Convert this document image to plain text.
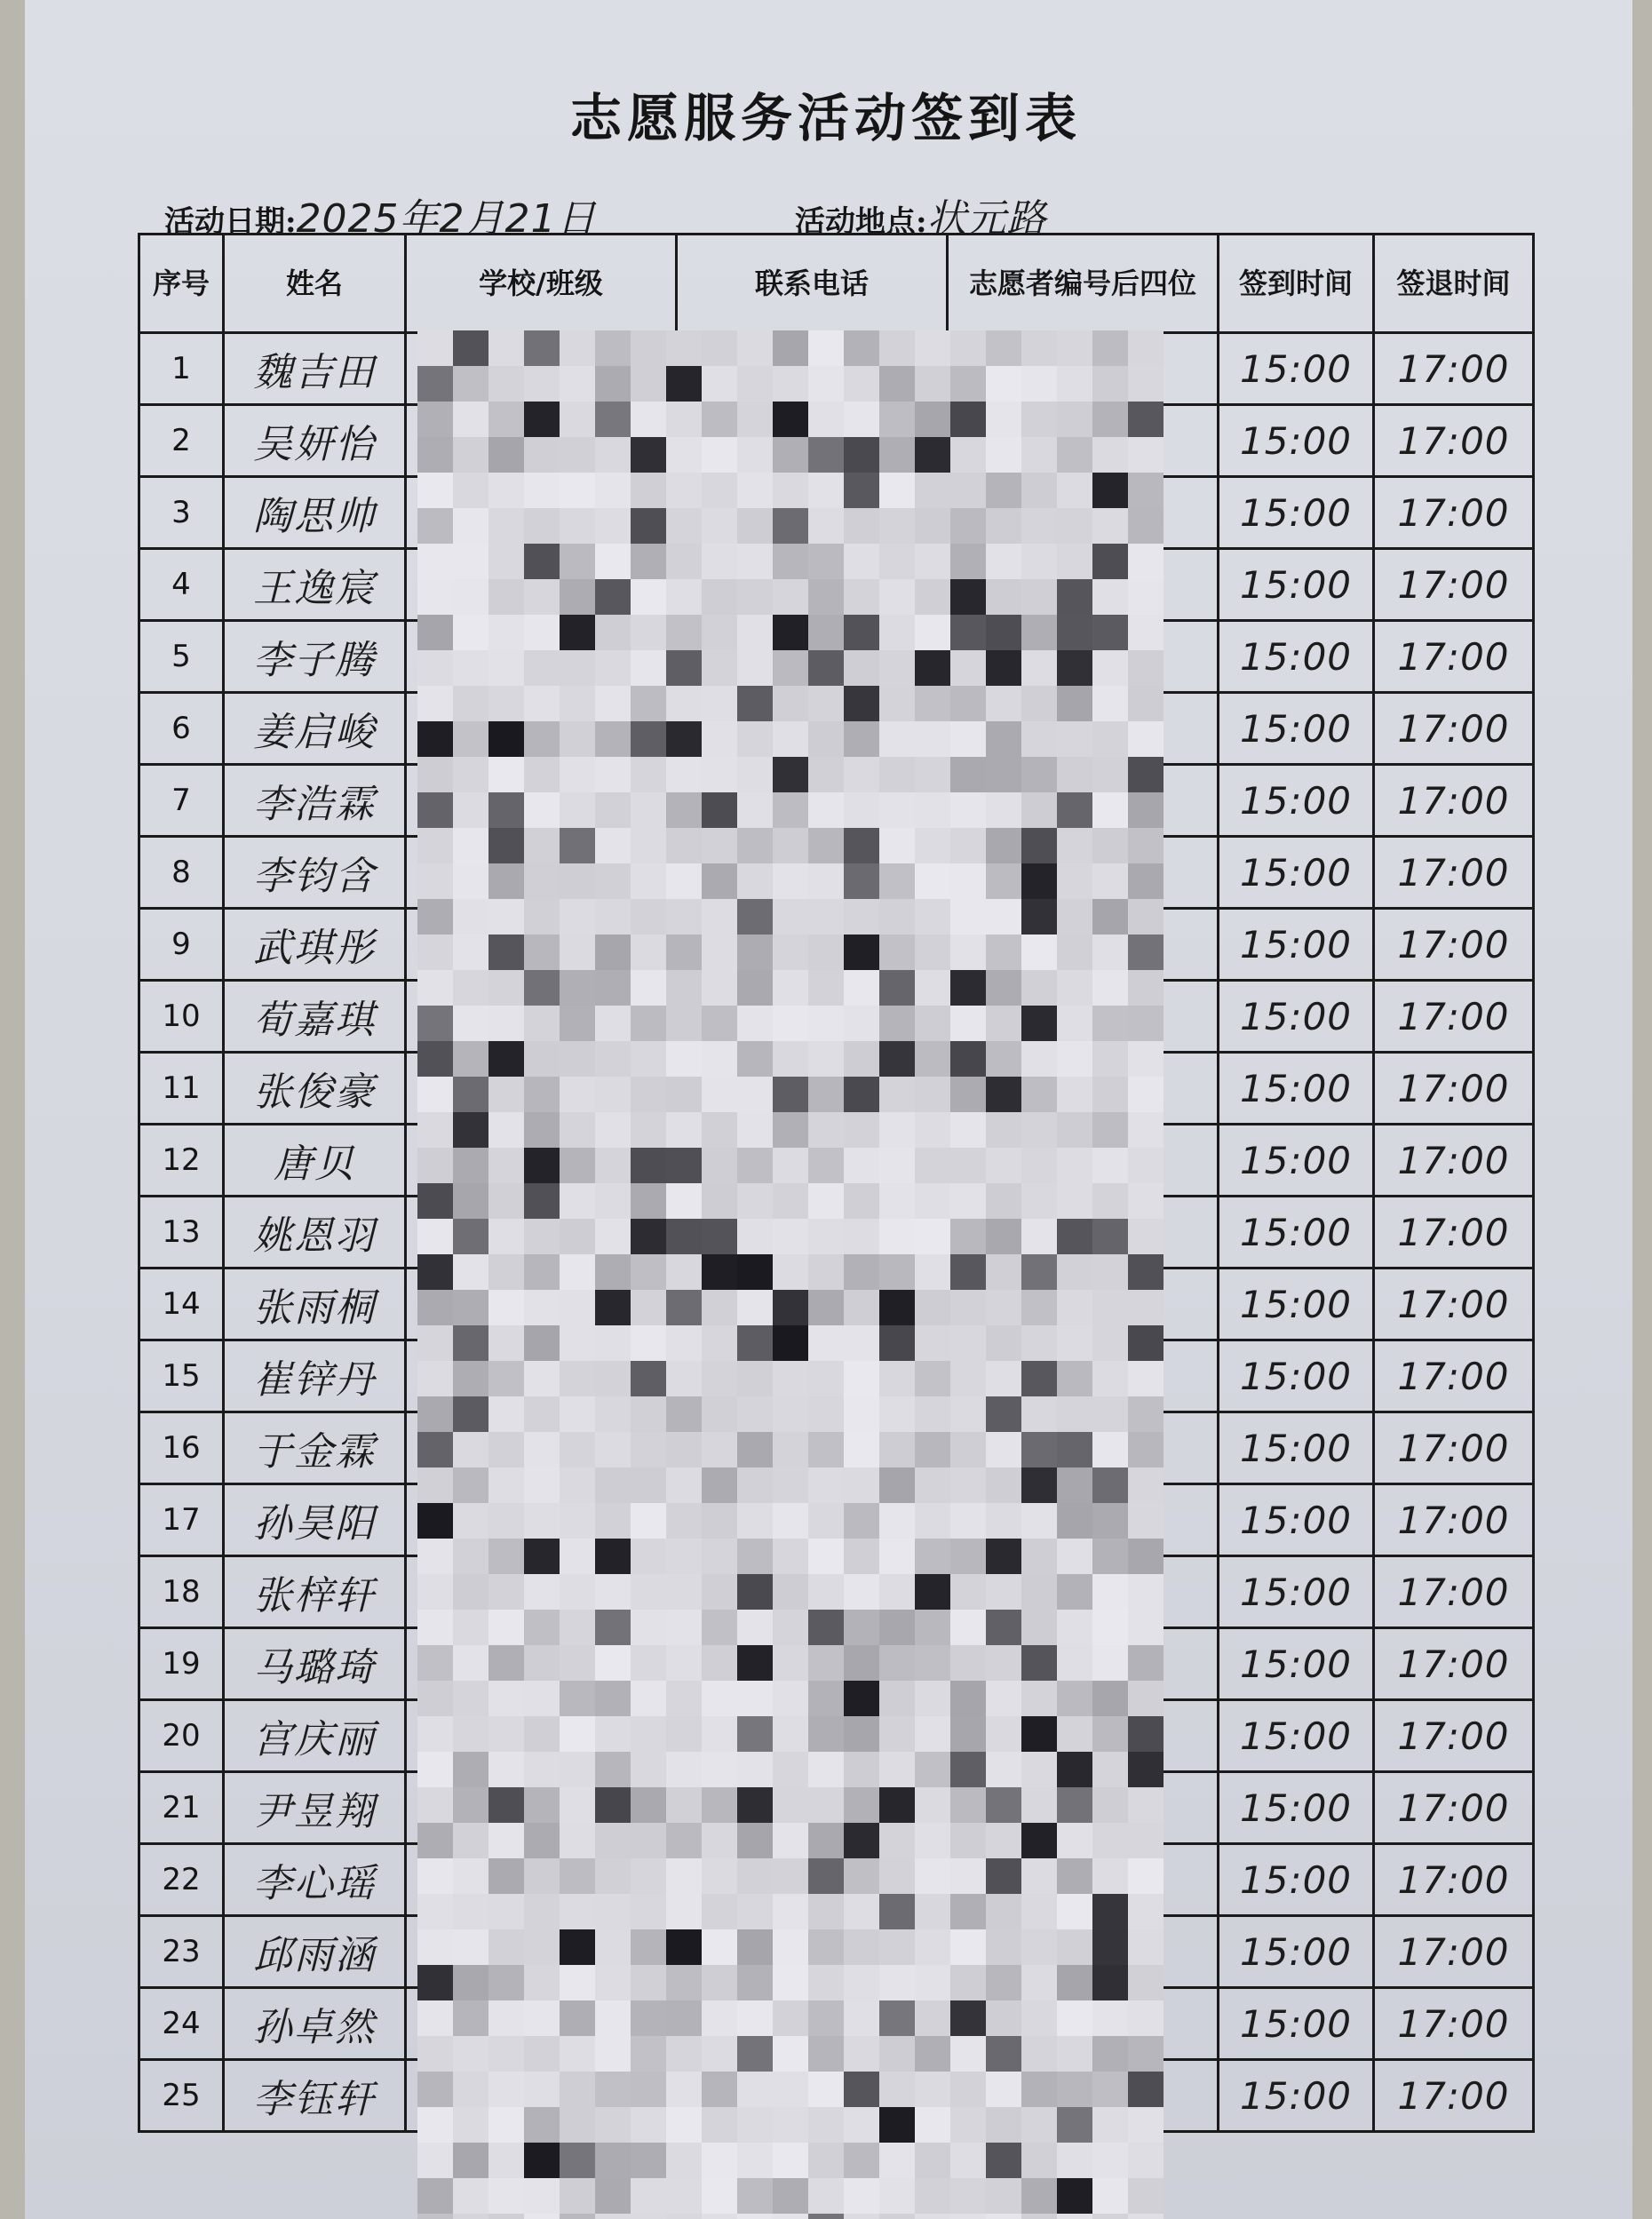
志愿服务活动签到表
活动日期:2025年2月21日	活动地点:状元路
序号	姓名	学校/班级	联系电话	志愿者编号后四位	签到时间	签退时间
1	魏吉田				15:00	17:00
2	吴妍怡				15:00	17:00
3	陶思帅				15:00	17:00
4	王逸宸				15:00	17:00
5	李子腾				15:00	17:00
6	姜启峻				15:00	17:00
7	李浩霖				15:00	17:00
8	李钧含				15:00	17:00
9	武琪彤				15:00	17:00
10	荀嘉琪				15:00	17:00
11	张俊豪				15:00	17:00
12	唐贝				15:00	17:00
13	姚恩羽				15:00	17:00
14	张雨桐				15:00	17:00
15	崔锌丹				15:00	17:00
16	于金霖				15:00	17:00
17	孙昊阳				15:00	17:00
18	张梓轩				15:00	17:00
19	马璐琦				15:00	17:00
20	宫庆丽				15:00	17:00
21	尹昱翔				15:00	17:00
22	李心瑶				15:00	17:00
23	邱雨涵				15:00	17:00
24	孙卓然				15:00	17:00
25	李钰轩				15:00	17:00
